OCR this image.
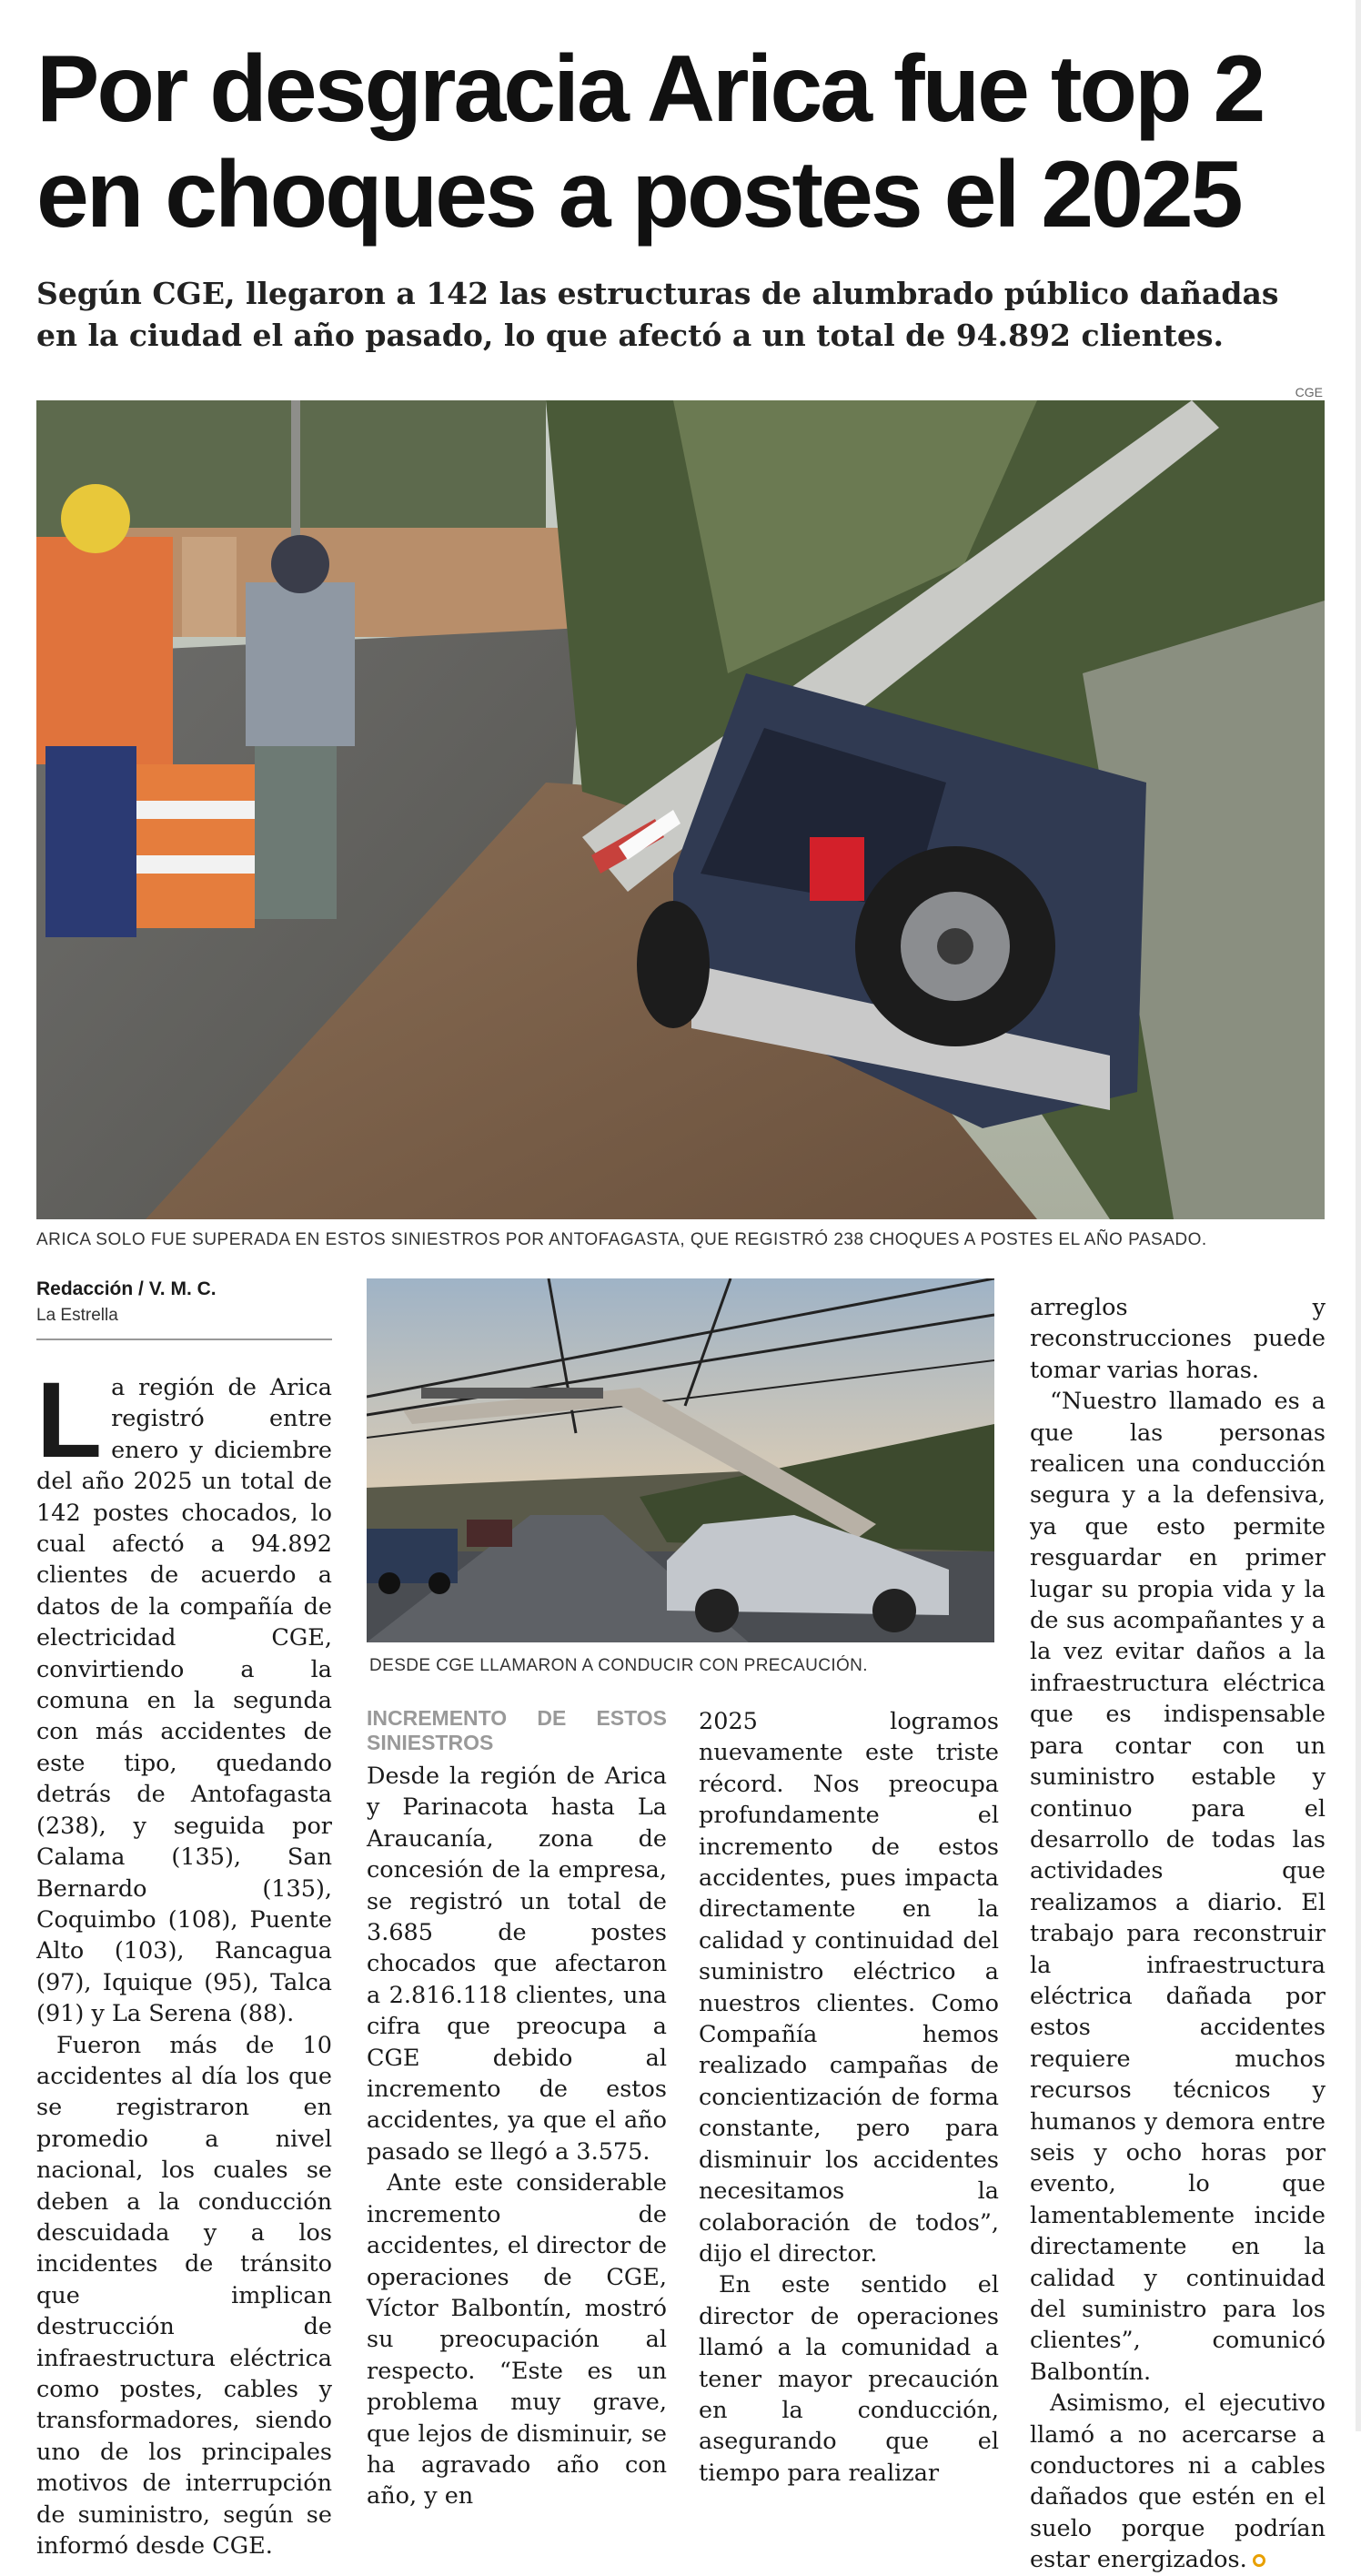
Por desgracia Arica fue top 2 en choques a postes el 2025
Según CGE, llegaron a 142 las estructuras de alumbrado público dañadas en la ciudad el año pasado, lo que afectó a un total de 94.892 clientes.
CGE
ARICA SOLO FUE SUPERADA EN ESTOS SINIESTROS POR ANTOFAGASTA, QUE REGISTRÓ 238 CHOQUES A POSTES EL AÑO PASADO.
Redacción / V. M. C.
La Estrella
DESDE CGE LLAMARON A CONDUCIR CON PRECAUCIÓN.

La región de Arica registró entre enero y diciembre del año 2025 un total de 142 postes chocados, lo cual afectó a 94.892 clientes de acuerdo a datos de la compañía de electricidad CGE, convirtiendo a la comuna en la segunda con más accidentes de este tipo, quedando detrás de Antofagasta (238), y seguida por Calama (135), San Bernardo (135), Coquimbo (108), Puente Alto (103), Rancagua (97), Iquique (95), Talca (91) y La Serena (88).

Fueron más de 10 accidentes al día los que se registraron en promedio a nivel nacional, los cuales se deben a la conducción descuidada y a los incidentes de tránsito que implican destrucción de infraestructura eléctrica como postes, cables y transformadores, siendo uno de los principales motivos de interrupción de suministro, según se informó desde CGE.

INCREMENTO DE ESTOS SINIESTROS

Desde la región de Arica y Parinacota hasta La Araucanía, zona de concesión de la empresa, se registró un total de 3.685 de postes chocados que afectaron a 2.816.118 clientes, una cifra que preocupa a CGE debido al incremento de estos accidentes, ya que el año pasado se llegó a 3.575.

Ante este considerable incremento de accidentes, el director de operaciones de CGE, Víctor Balbontín, mostró su preocupación al respecto. “Este es un problema muy grave, que lejos de disminuir, se ha agravado año con año, y en

2025 logramos nuevamente este triste récord. Nos preocupa profundamente el incremento de estos accidentes, pues impacta directamente en la calidad y continuidad del suministro eléctrico a nuestros clientes. Como Compañía hemos realizado campañas de concientización de forma constante, pero para disminuir los accidentes necesitamos la colaboración de todos”, dijo el director.

En este sentido el director de operaciones llamó a la comunidad a tener mayor precaución en la conducción, asegurando que el tiempo para realizar

arreglos y reconstrucciones puede tomar varias horas.

“Nuestro llamado es a que las personas realicen una conducción segura y a la defensiva, ya que esto permite resguardar en primer lugar su propia vida y la de sus acompañantes y a la vez evitar daños a la infraestructura eléctrica que es indispensable para contar con un suministro estable y continuo para el desarrollo de todas las actividades que realizamos a diario. El trabajo para reconstruir la infraestructura eléctrica dañada por estos accidentes requiere muchos recursos técnicos y humanos y demora entre seis y ocho horas por evento, lo que lamentablemente incide directamente en la calidad y continuidad del suministro para los clientes”, comunicó Balbontín.

Asimismo, el ejecutivo llamó a no acercarse a conductores ni a cables dañados que estén en el suelo porque podrían estar energizados.
